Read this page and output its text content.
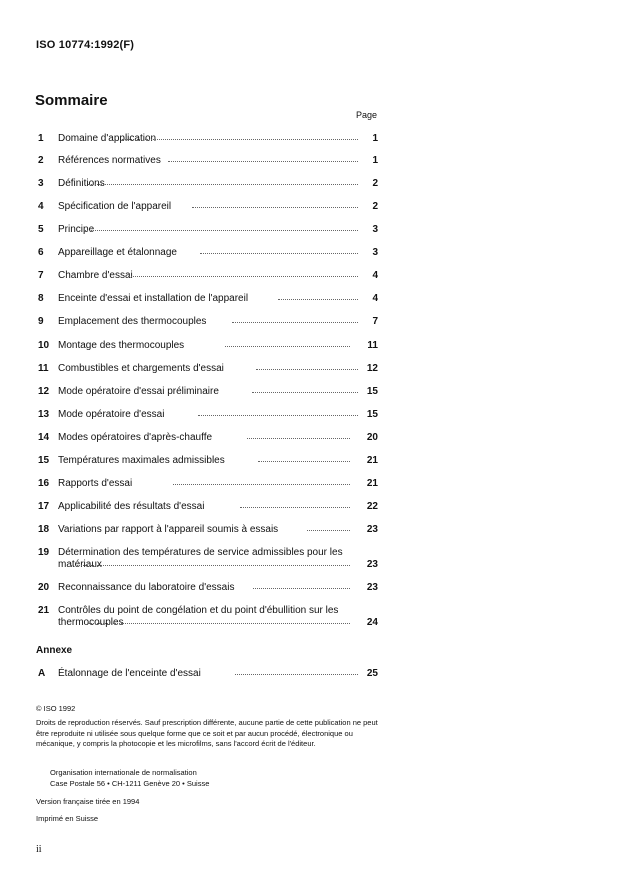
ISO 10774:1992(F)
Sommaire
Page
1 Domaine d'application	1
2 Références normatives	1
3 Définitions	2
4 Spécification de l'appareil	2
5 Principe	3
6 Appareillage et étalonnage	3
7 Chambre d'essai	4
8 Enceinte d'essai et installation de l'appareil	4
9 Emplacement des thermocouples	7
10 Montage des thermocouples	11
11 Combustibles et chargements d'essai	12
12 Mode opératoire d'essai préliminaire	15
13 Mode opératoire d'essai	15
14 Modes opératoires d'après-chauffe	20
15 Températures maximales admissibles	21
16 Rapports d'essai	21
17 Applicabilité des résultats d'essai	22
18 Variations par rapport à l'appareil soumis à essais	23
19 Détermination des températures de service admissibles pour les
matériaux	23
20 Reconnaissance du laboratoire d'essais	23
21 Contrôles du point de congélation et du point d'ébullition sur les
thermocouples	24
Annexe
A Étalonnage de l'enceinte d'essai	25
© ISO 1992
Droits de reproduction réservés. Sauf prescription différente, aucune partie de cette publication ne peut être reproduite ni utilisée sous quelque forme que ce soit et par aucun procédé, électronique ou mécanique, y compris la photocopie et les microfilms, sans l'accord écrit de l'éditeur.
Organisation internationale de normalisation
Case Postale 56 • CH-1211 Genève 20 • Suisse
Version française tirée en 1994
Imprimé en Suisse
ii
